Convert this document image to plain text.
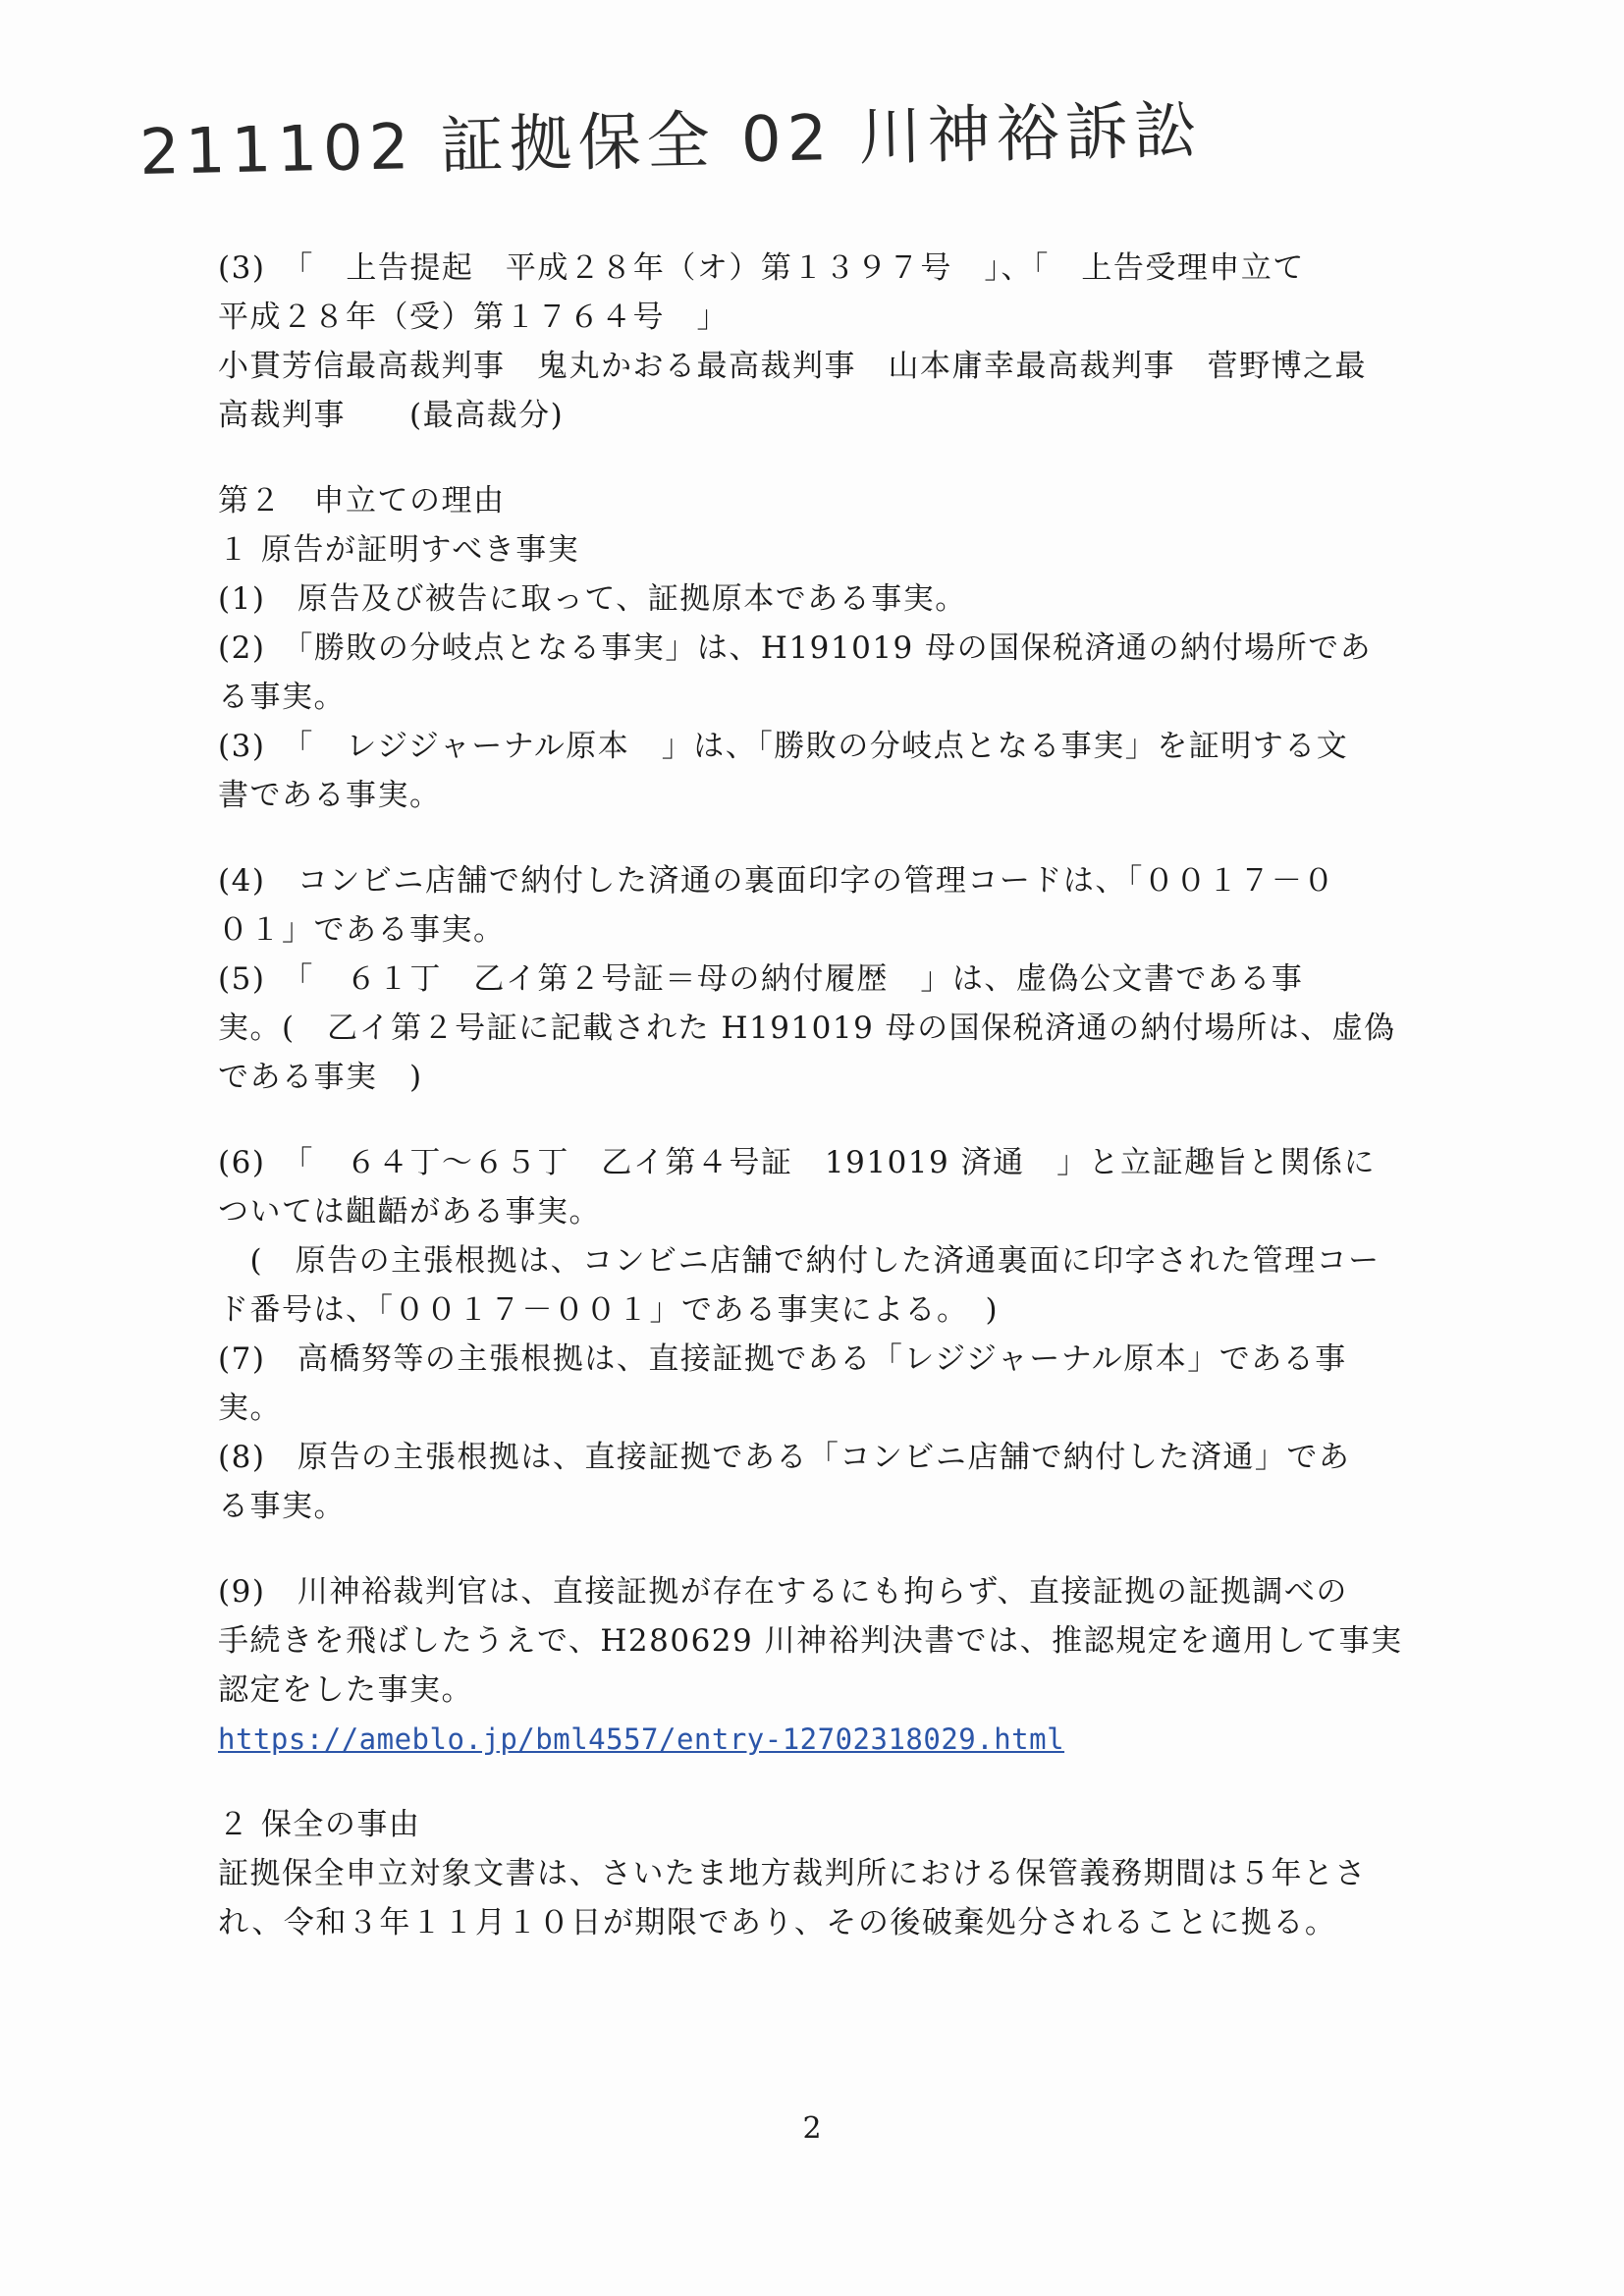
211102 証拠保全 02 川神裕訴訟
(3)　「　上告提起　平成２８年（オ）第１３９７号　」、「　上告受理申立て
平成２８年（受）第１７６４号　」
小貫芳信最高裁判事　鬼丸かおる最高裁判事　山本庸幸最高裁判事　菅野博之最
高裁判事　　(最高裁分)
第２　申立ての理由
１ 原告が証明すべき事実
(1)　原告及び被告に取って、証拠原本である事実。
(2)　「勝敗の分岐点となる事実」は、H191019 母の国保税済通の納付場所であ
る事実。
(3)　「　レジジャーナル原本　」は、「勝敗の分岐点となる事実」を証明する文
書である事実。
(4)　コンビニ店舗で納付した済通の裏面印字の管理コードは、「００１７－０
０１」である事実。
(5)　「　６１丁　乙イ第２号証＝母の納付履歴　」は、虚偽公文書である事
実。(　乙イ第２号証に記載された H191019 母の国保税済通の納付場所は、虚偽
である事実　)
(6)　「　６４丁～６５丁　乙イ第４号証　191019 済通　」と立証趣旨と関係に
ついては齟齬がある事実。
　(　原告の主張根拠は、コンビニ店舗で納付した済通裏面に印字された管理コー
ド番号は、「００１７－００１」である事実による。　)
(7)　高橋努等の主張根拠は、直接証拠である「レジジャーナル原本」である事
実。
(8)　原告の主張根拠は、直接証拠である「コンビニ店舗で納付した済通」であ
る事実。
(9)　川神裕裁判官は、直接証拠が存在するにも拘らず、直接証拠の証拠調べの
手続きを飛ばしたうえで、H280629 川神裕判決書では、推認規定を適用して事実
認定をした事実。
https://ameblo.jp/bml4557/entry-12702318029.html
２ 保全の事由
証拠保全申立対象文書は、さいたま地方裁判所における保管義務期間は５年とさ
れ、令和３年１１月１０日が期限であり、その後破棄処分されることに拠る。
2
